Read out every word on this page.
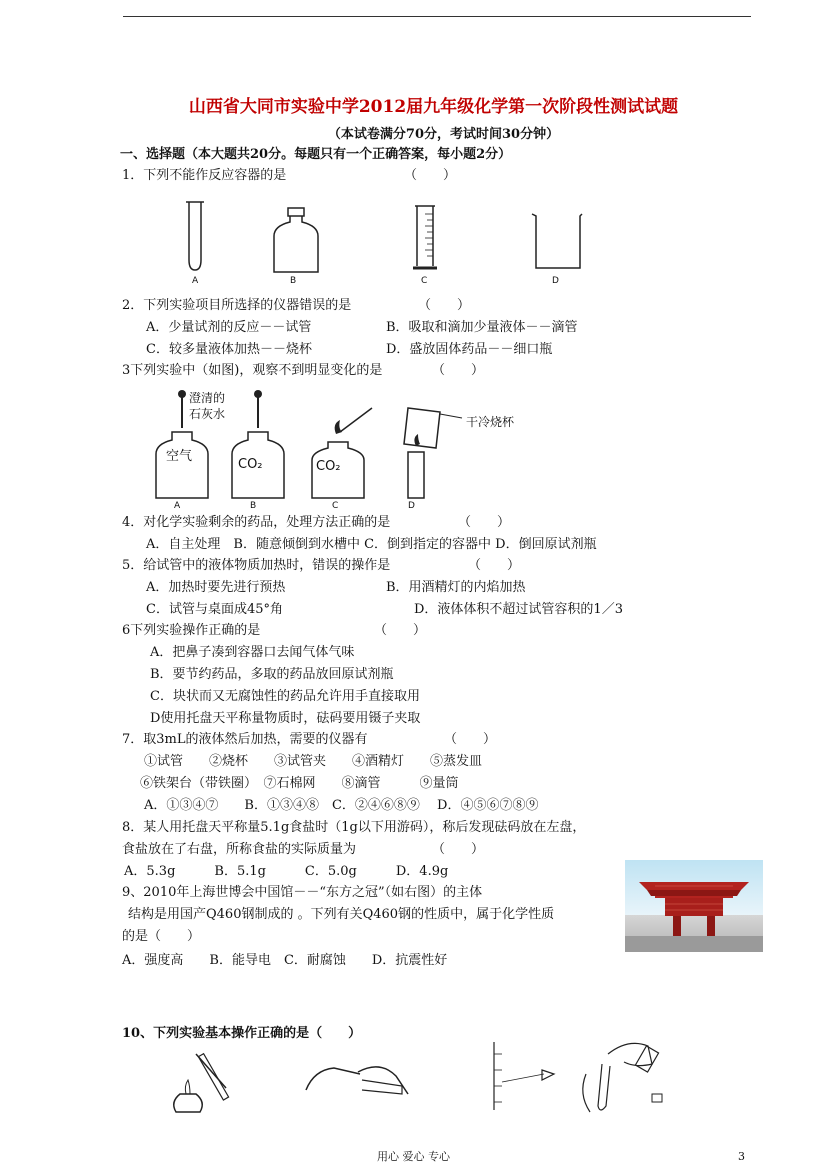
山西省大同市实验中学2012届九年级化学第一次阶段性测试试题
（本试卷满分70分，考试时间30分钟）
一、选择题（本大题共20分。每题只有一个正确答案，每小题2分）
1．下列不能作反应容器的是	（　　）
A	B	C	D
2．下列实验项目所选择的仪器错误的是	（　　）
A．少量试剂的反应－－试管	B．吸取和滴加少量液体－－滴管
C．较多量液体加热－－烧杯	D．盛放固体药品－－细口瓶
3下列实验中（如图)，观察不到明显变化的是	（　　）
澄清的
石灰水
干冷烧杯
空气
CO₂	CO₂
A	B	C	D
4．对化学实验剩余的药品，处理方法正确的是	（　　）
A．自主处理　B．随意倾倒到水槽中 C．倒到指定的容器中 D．倒回原试剂瓶
5．给试管中的液体物质加热时，错误的操作是	（　　）
A．加热时要先进行预热	B．用酒精灯的内焰加热
C．试管与桌面成45°角	D．液体体积不超过试管容积的1／3
6下列实验操作正确的是	（　　）
A．把鼻子凑到容器口去闻气体气味
B．要节约药品，多取的药品放回原试剂瓶
C．块状而又无腐蚀性的药品允许用手直接取用
D使用托盘天平称量物质时，砝码要用镊子夹取
7．取3mL的液体然后加热，需要的仪器有	（　　）
①试管　　②烧杯　　③试管夹　　④酒精灯　　⑤蒸发皿
⑥铁架台（带铁圈）　⑦石棉网　　⑧滴管　　　⑨量筒
A．①③④⑦　　B．①③④⑧　C．②④⑥⑧⑨　 D．④⑤⑥⑦⑧⑨
8．某人用托盘天平称量5.1g食盐时（1g以下用游码），称后发现砝码放在左盘，
食盐放在了右盘，所称食盐的实际质量为	（　　）
A．5.3g　　　B．5.1g　　　C．5.0g　　　D．4.9g
9、2010年上海世博会中国馆－－“东方之冠”（如右图）的主体
结构是用国产Q460钢制成的 。下列有关Q460钢的性质中，属于化学性质
的是（　　）
A．强度高　　B．能导电　C．耐腐蚀　　D．抗震性好
10、下列实验基本操作正确的是（　　）
用心 爱心 专心	3
